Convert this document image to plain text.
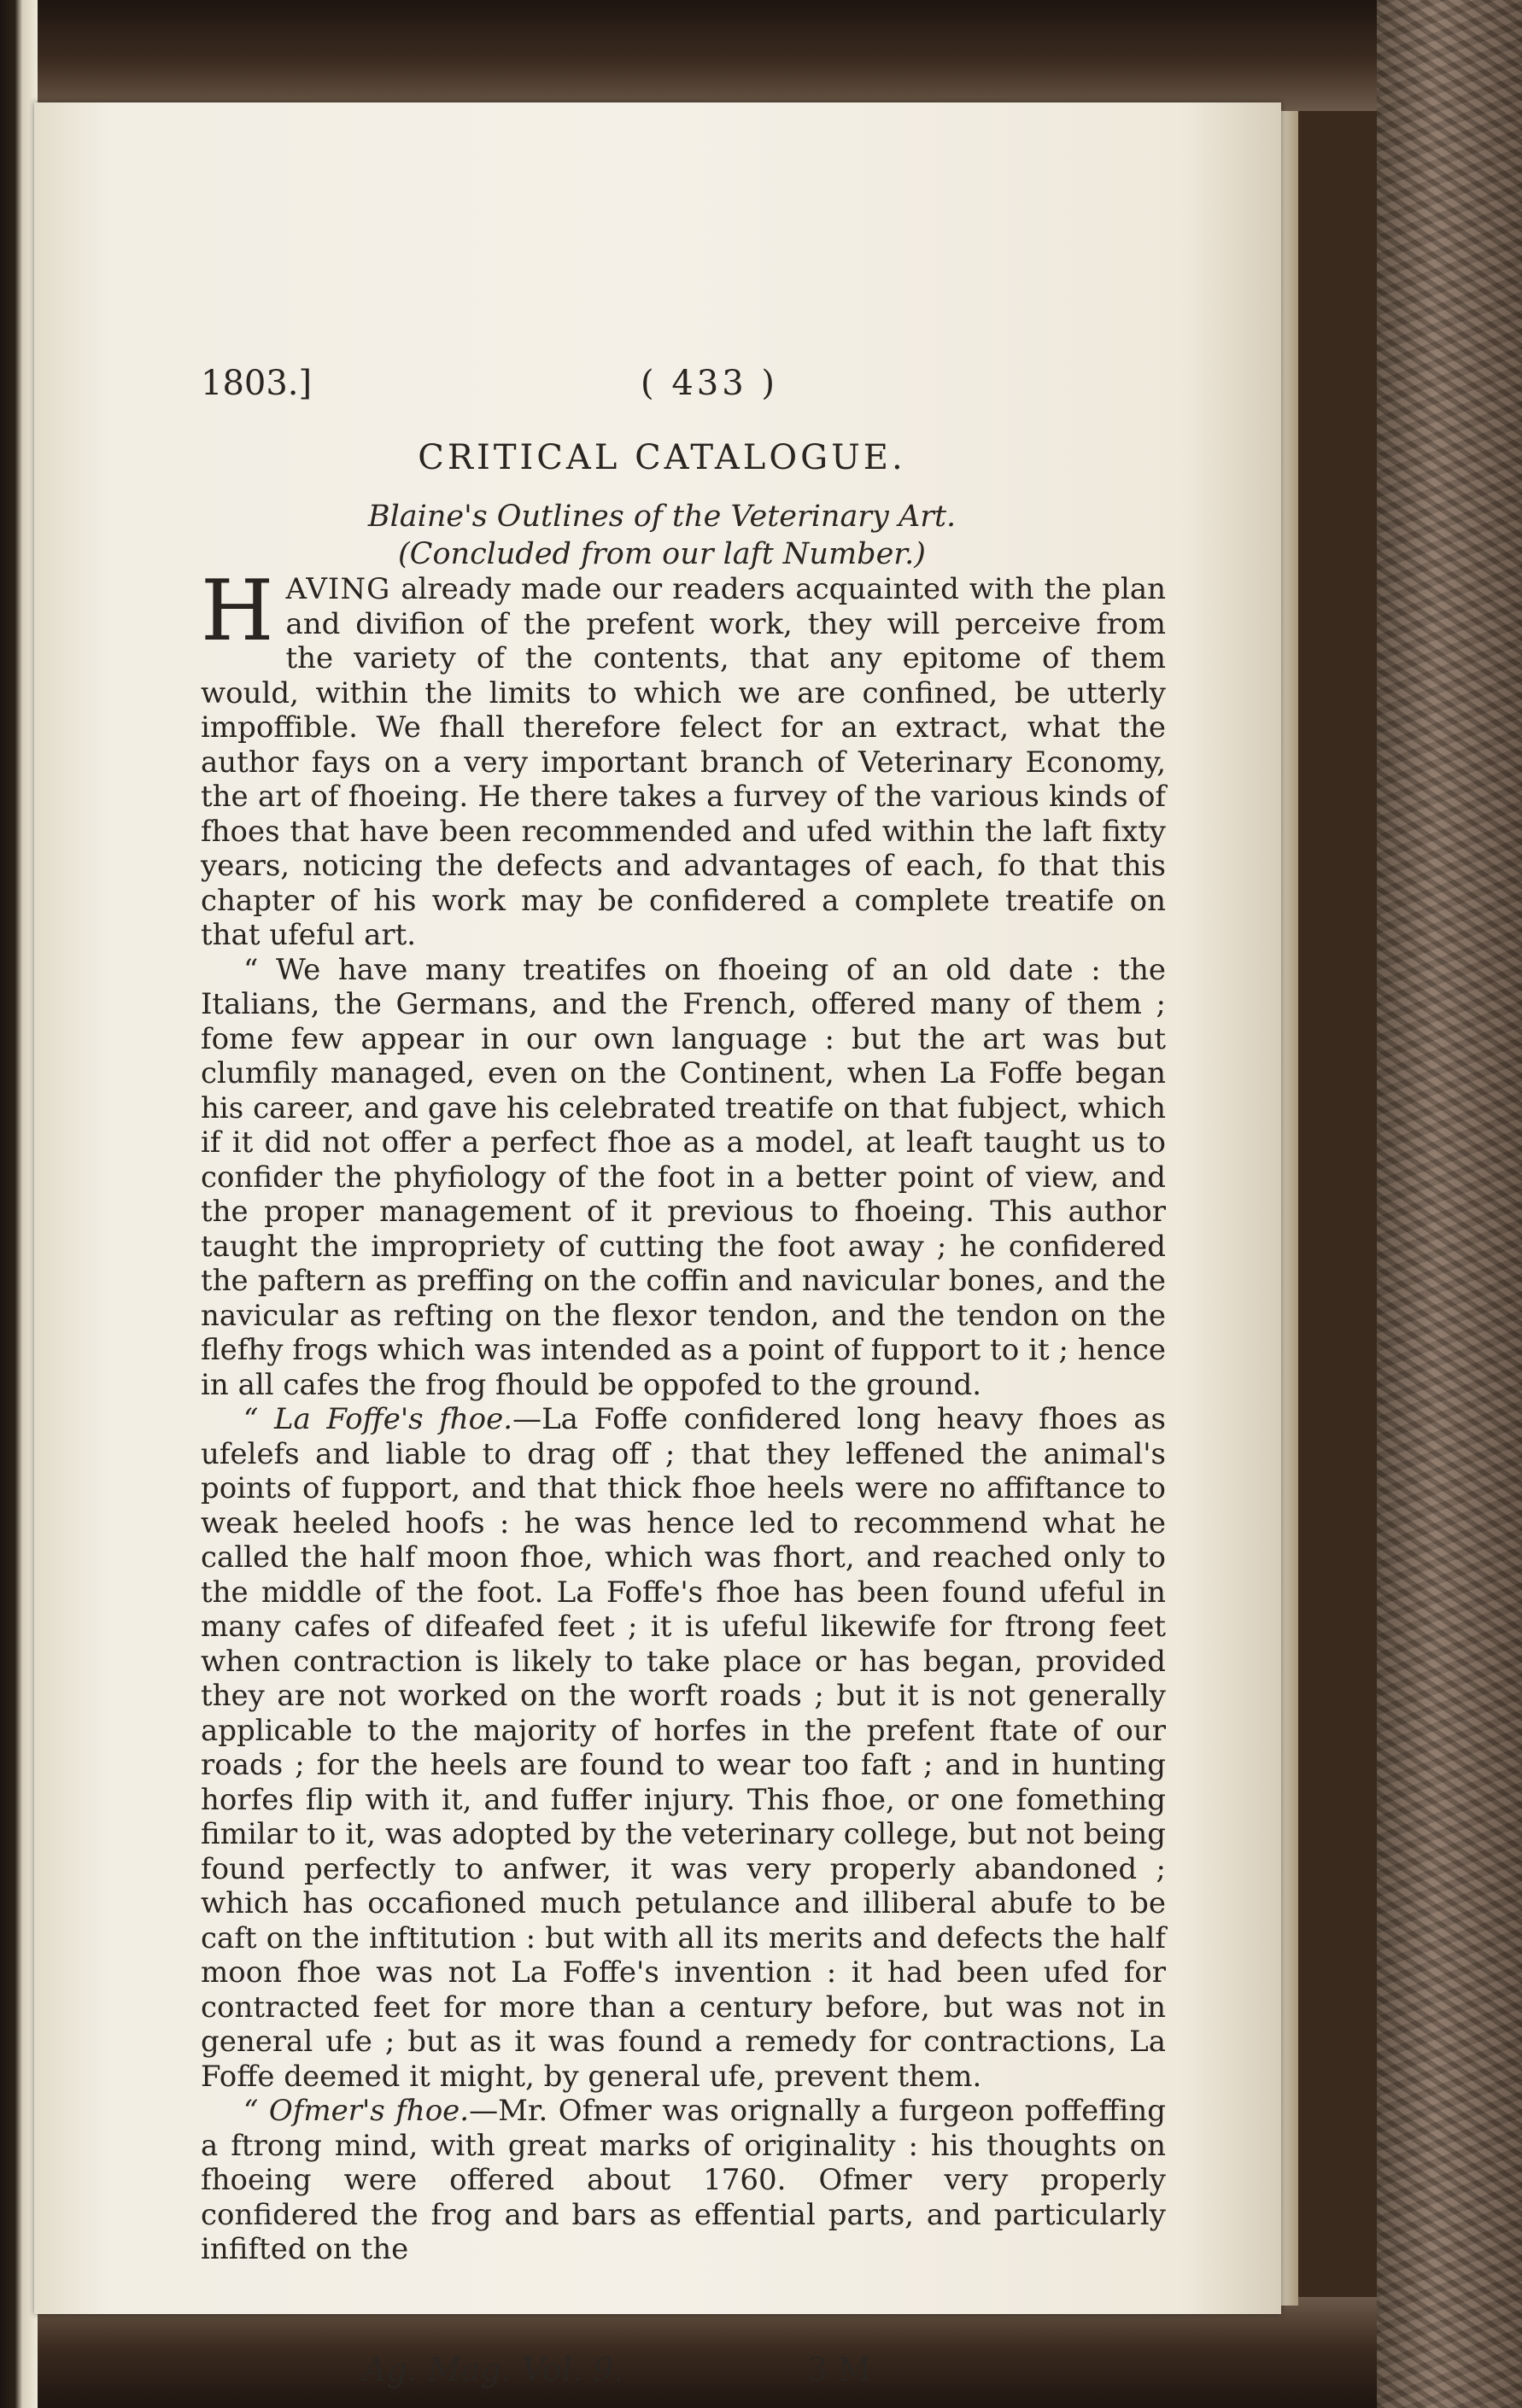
1803.]	( 433 )
CRITICAL CATALOGUE.
Blaine's Outlines of the Veterinary Art.
(Concluded from our laft Number.)

HAVING already made our readers acquainted with the plan and divifion of the prefent work, they will perceive from the variety of the contents, that any epitome of them would, within the limits to which we are confined, be utterly impoffible. We fhall therefore felect for an extract, what the author fays on a very important branch of Veterinary Economy, the art of fhoeing. He there takes a furvey of the various kinds of fhoes that have been recommended and ufed within the laft fixty years, noticing the defects and advantages of each, fo that this chapter of his work may be confidered a complete treatife on that ufeful art.

“ We have many treatifes on fhoeing of an old date : the Italians, the Germans, and the French, offered many of them ; fome few appear in our own language : but the art was but clumfily managed, even on the Continent, when La Foffe began his career, and gave his celebrated treatife on that fubject, which if it did not offer a perfect fhoe as a model, at leaft taught us to confider the phyfiology of the foot in a better point of view, and the proper management of it previous to fhoeing. This author taught the impropriety of cutting the foot away ; he confidered the paftern as preffing on the coffin and navicular bones, and the navicular as refting on the flexor tendon, and the tendon on the flefhy frogs which was intended as a point of fupport to it ; hence in all cafes the frog fhould be oppofed to the ground.

“ La Foffe's fhoe.—La Foffe confidered long heavy fhoes as ufelefs and liable to drag off ; that they leffened the animal's points of fupport, and that thick fhoe heels were no affiftance to weak heeled hoofs : he was hence led to recommend what he called the half moon fhoe, which was fhort, and reached only to the middle of the foot. La Foffe's fhoe has been found ufeful in many cafes of difeafed feet ; it is ufeful likewife for ftrong feet when contraction is likely to take place or has began, provided they are not worked on the worft roads ; but it is not generally applicable to the majority of horfes in the prefent ftate of our roads ; for the heels are found to wear too faft ; and in hunting horfes flip with it, and fuffer injury. This fhoe, or one fomething fimilar to it, was adopted by the veterinary college, but not being found perfectly to anfwer, it was very properly abandoned ; which has occafioned much petulance and illiberal abufe to be caft on the inftitution : but with all its merits and defects the half moon fhoe was not La Foffe's invention : it had been ufed for contracted feet for more than a century before, but was not in general ufe ; but as it was found a remedy for contractions, La Foffe deemed it might, by general ufe, prevent them.

“ Ofmer's fhoe.—Mr. Ofmer was orignally a furgeon poffeffing a ftrong mind, with great marks of originality : his thoughts on fhoeing were offered about 1760. Ofmer very properly confidered the frog and bars as effential parts, and particularly infifted on the

Ag. Mag. Vol. 9.	3 M
